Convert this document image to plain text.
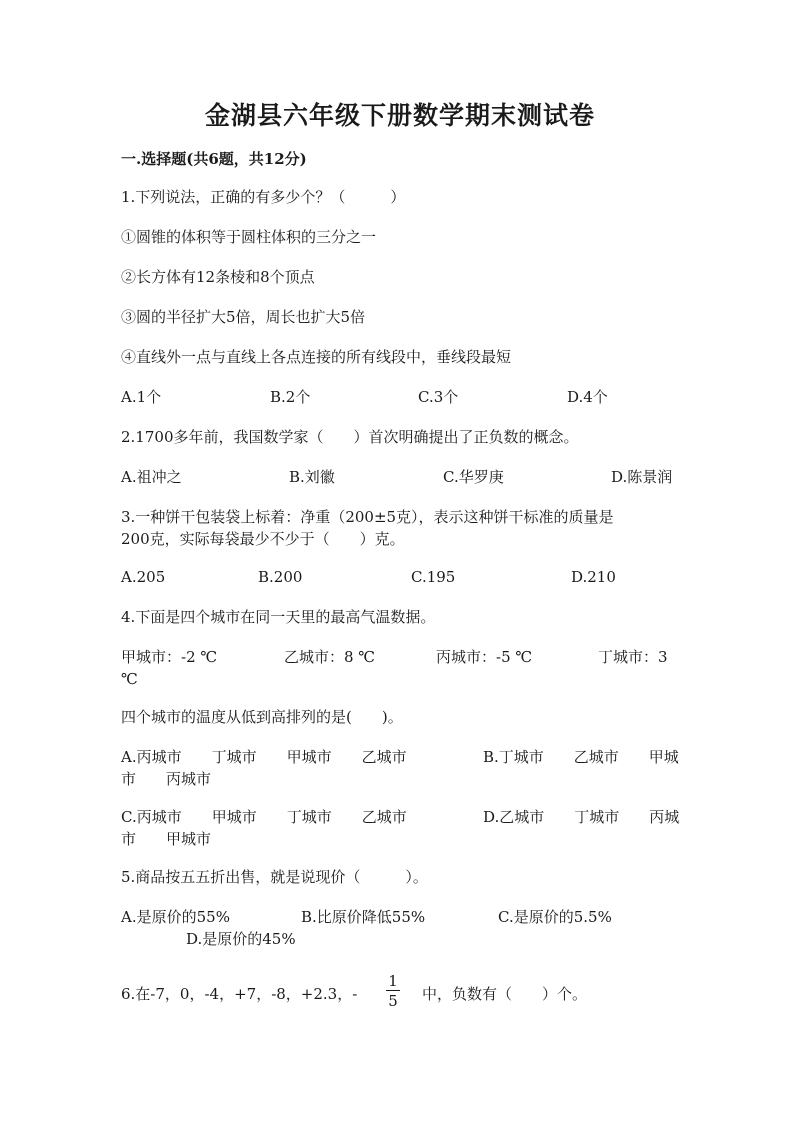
金湖县六年级下册数学期末测试卷
一.选择题(共6题，共12分)
1.下列说法，正确的有多少个？（　　　）
①圆锥的体积等于圆柱体积的三分之一
②长方体有12条棱和8个顶点
③圆的半径扩大5倍，周长也扩大5倍
④直线外一点与直线上各点连接的所有线段中，垂线段最短
A.1个	B.2个	C.3个	D.4个
2.1700多年前，我国数学家（　　）首次明确提出了正负数的概念。
A.祖冲之	B.刘徽	C.华罗庚	D.陈景润
3.一种饼干包装袋上标着：净重（200±5克），表示这种饼干标准的质量是
200克，实际每袋最少不少于（　　）克。
A.205	B.200	C.195	D.210
4.下面是四个城市在同一天里的最高气温数据。
甲城市：-2 ℃	乙城市：8 ℃	丙城市：-5 ℃	丁城市：3
℃
四个城市的温度从低到高排列的是(　　)。
A.丙城市　　丁城市　　甲城市　　乙城市	B.丁城市　　乙城市　　甲城
市　　丙城市
C.丙城市　　甲城市　　丁城市　　乙城市	D.乙城市　　丁城市　　丙城
市　　甲城市
5.商品按五五折出售，就是说现价（　　　）。
A.是原价的55%	B.比原价降低55%	C.是原价的5.5%
D.是原价的45%
6.在-7，0，-4，+7，-8，+2.3，- $\frac{1}{5}$ 中，负数有（　　）个。
